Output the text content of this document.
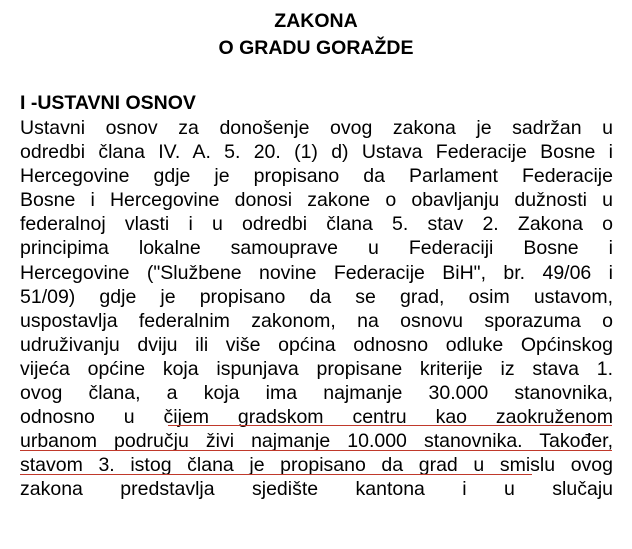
ZAKONA
O GRADU GORAŽDE
I -USTAVNI OSNOV
Ustavni osnov za donošenje ovog zakona je sadržan u
odredbi člana IV. A. 5. 20. (1) d) Ustava Federacije Bosne i
Hercegovine gdje je propisano da Parlament Federacije
Bosne i Hercegovine donosi zakone o obavljanju dužnosti u
federalnoj vlasti i u odredbi člana 5. stav 2. Zakona o
principima lokalne samouprave u Federaciji Bosne i
Hercegovine ("Službene novine Federacije BiH", br. 49/06 i
51/09) gdje je propisano da se grad, osim ustavom,
uspostavlja federalnim zakonom, na osnovu sporazuma o
udruživanju dviju ili više općina odnosno odluke Općinskog
vijeća općine koja ispunjava propisane kriterije iz stava 1.
ovog člana, a koja ima najmanje 30.000 stanovnika,
odnosno u čijem gradskom centru kao zaokruženom
urbanom području živi najmanje 10.000 stanovnika. Također,
stavom 3. istog člana je propisano da grad u smislu ovog
zakona predstavlja sjedište kantona i u slučaju
